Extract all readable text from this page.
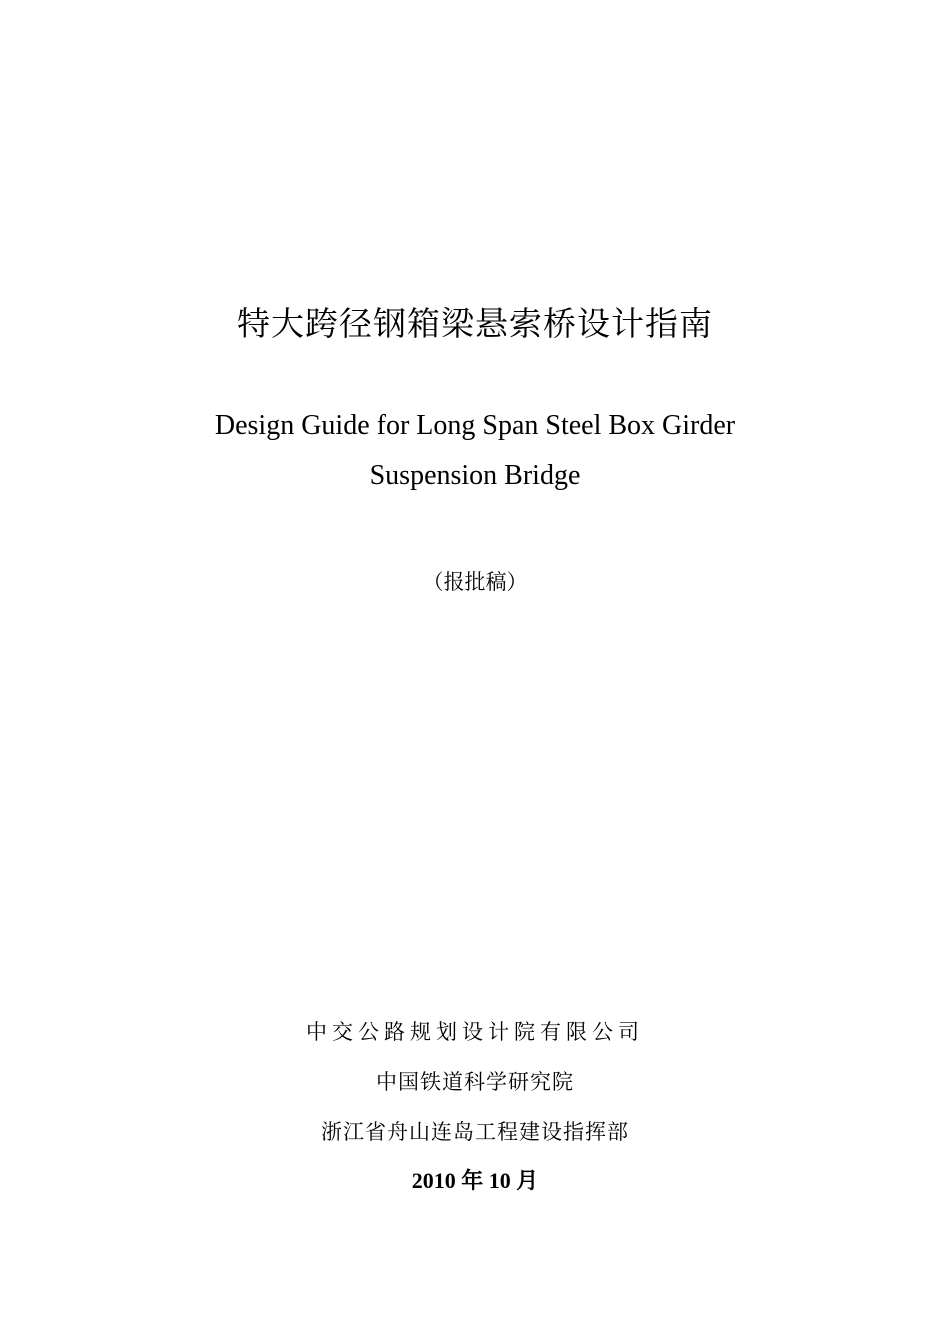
特大跨径钢箱梁悬索桥设计指南
Design Guide for Long Span Steel Box Girder
Suspension Bridge
（报批稿）
中交公路规划设计院有限公司
中国铁道科学研究院
浙江省舟山连岛工程建设指挥部
2010 年 10 月
